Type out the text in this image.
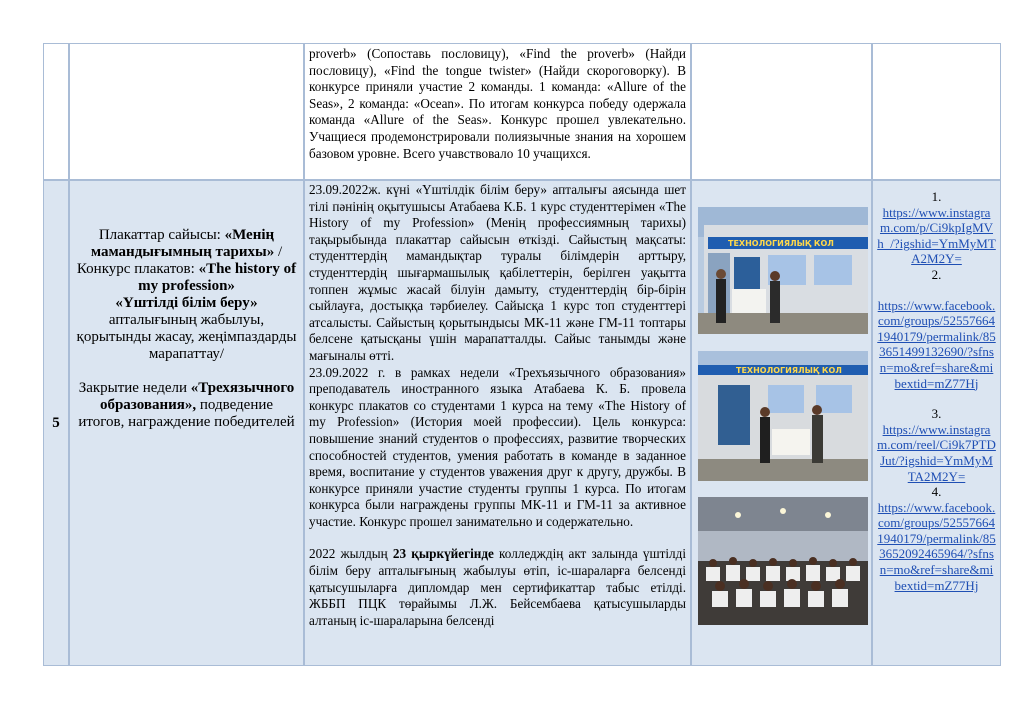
proverb» (Сопоставь пословицу), «Find the proverb» (Найди пословицу), «Find the tongue twister» (Найди скороговорку). В конкурсе приняли участие 2 команды. 1 команда: «Allure of the Seas», 2 команда: «Ocean». По итогам конкурса победу одержала команда «Allure of the Seas». Конкурс прошел увлекательно. Учащиеся продемонстрировали полиязычные знания на хорошем базовом уровне. Всего учавствовало 10 учащихся.

5

Плакаттар сайысы: «Менің мамандығымның тарихы» / Конкурс плакатов: «The history of my profession»
«Үштілді білім беру» апталығының жабылуы, қорытынды жасау, жеңімпаздарды марапаттау/

Закрытие недели «Трехязычного образования», подведение итогов, награждение победителей

23.09.2022ж. күні «Үштілдік білім беру» апталығы аясында шет тілі пәнінің оқытушысы Атабаева К.Б. 1 курс студенттерімен «The History of my Profession» (Менің профессиямның тарихы) тақырыбында плакаттар сайысын өткізді. Сайыстың мақсаты: студенттердің мамандықтар туралы білімдерін арттыру, студенттердің шығармашылық қабілеттерін, берілген уақытта топпен жұмыс жасай білуін дамыту, студенттердің бір-бірін сыйлауға, достыққа тәрбиелеу. Сайысқа 1 курс топ студенттері атсалысты. Сайыстың қорытындысы МК-11 және ГМ-11 топтары белсене қатысқаны үшін марапатталды. Сайыс танымды және мағыналы өтті.

23.09.2022 г. в рамках недели «Трехъязычного образования» преподаватель иностранного языка Атабаева К. Б. провела конкурс плакатов со студентами 1 курса на тему «The History of my Profession» (История моей профессии). Цель конкурса: повышение знаний студентов о профессиях, развитие творческих способностей студентов, умения работать в команде в заданное время, воспитание у студентов уважения друг к другу, дружбы. В конкурсе приняли участие студенты группы 1 курса. По итогам конкурса были награждены группы МК-11 и ГМ-11 за активное участие. Конкурс прошел занимательно и содержательно.

2022 жылдың 23 қыркүйегінде колледждің акт залында үштілді білім беру апталығының жабылуы өтіп, іс-шараларға белсенді қатысушыларға дипломдар мен сертификаттар табыс етілді. ЖББП ПЦК төрайымы Л.Ж. Бейсембаева қатысушыларды алтаның іс-шараларына белсенді

ТЕХНОЛОГИЯЛЫҚ КОЛ
ТЕХНОЛОГИЯЛЫҚ КОЛ

1.

https://www.instagram.com/p/Ci9kpIgMVh_/?igshid=YmMyMTA2M2Y=

2.

https://www.facebook.com/groups/525576641940179/permalink/853651499132690/?sfnsn=mo&ref=share&mibextid=mZ77Hj

3.

https://www.instagram.com/reel/Ci9k7PTDJut/?igshid=YmMyMTA2M2Y=

4.

https://www.facebook.com/groups/525576641940179/permalink/853652092465964/?sfnsn=mo&ref=share&mibextid=mZ77Hj
